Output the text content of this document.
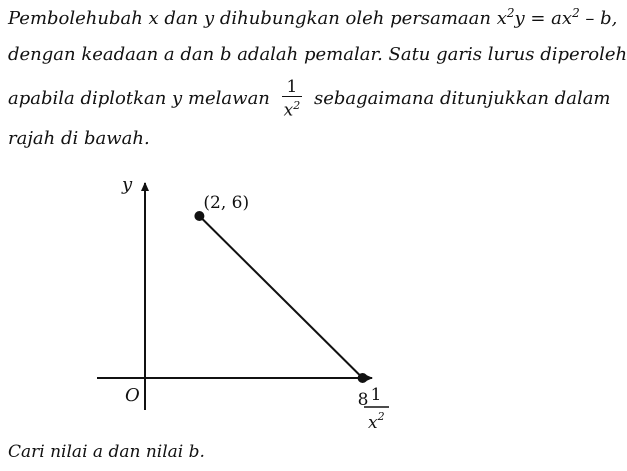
Pembolehubah x dan y dihubungkan oleh persamaan $x^2y = ax^2 - b$,
dengan keadaan a dan b adalah pemalar. Satu garis lurus diperoleh
apabila diplotkan y melawan $\frac{1}{x^2}$ sebagaimana ditunjukkan dalam
rajah di bawah.
y
O
(2, 6)
8 1
$x^2$
Cari nilai a dan nilai b.
